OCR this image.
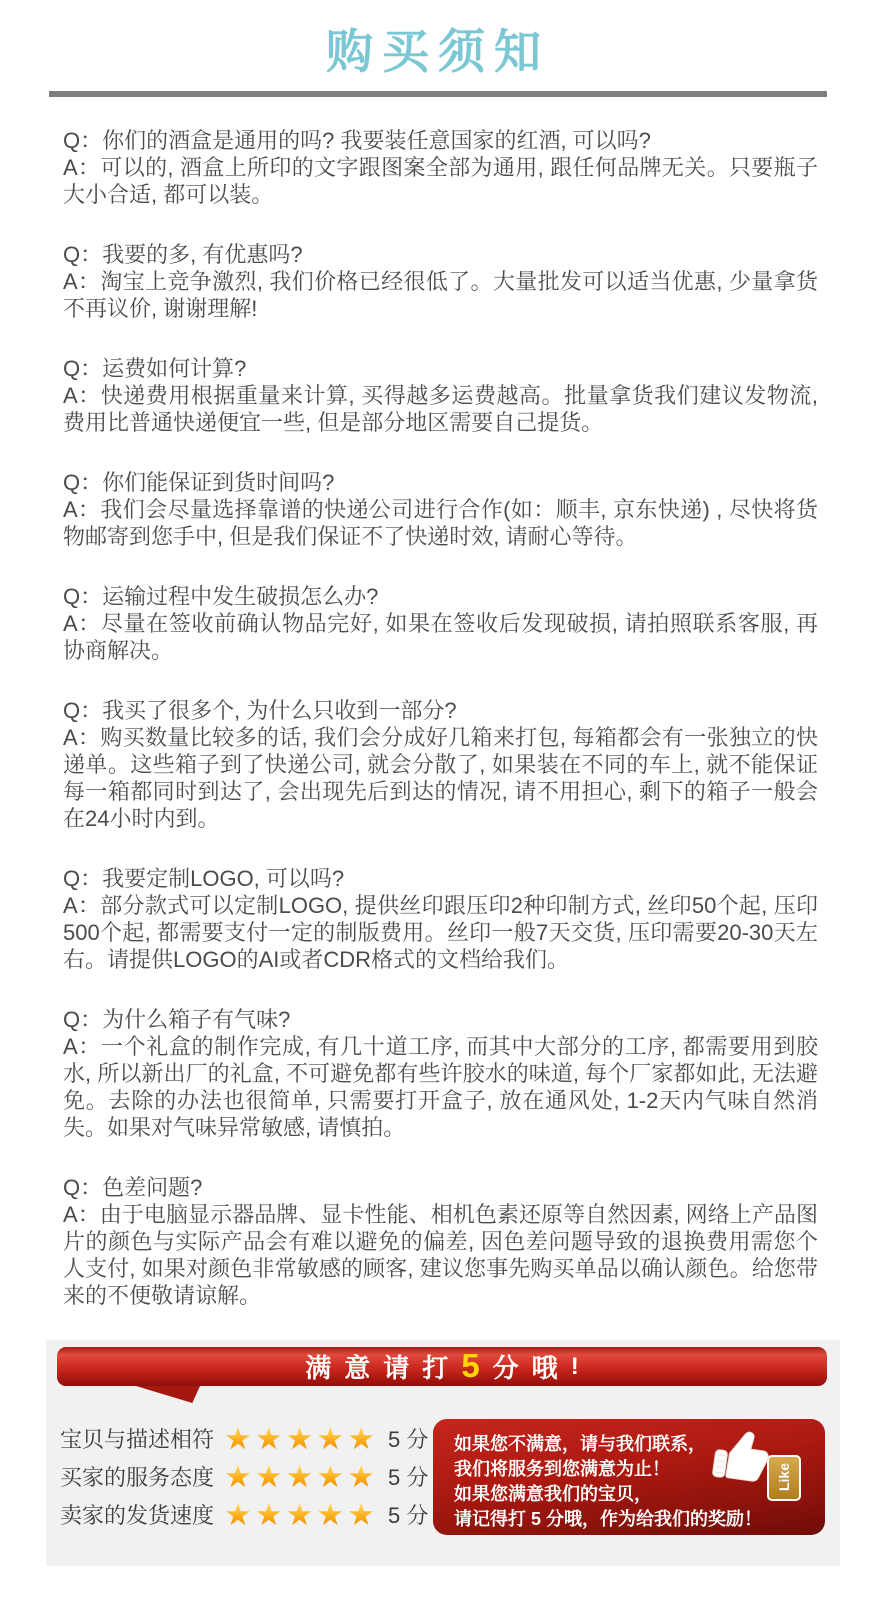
购买须知

Q：你们的酒盒是通用的吗? 我要装任意国家的红酒, 可以吗?

A：可以的, 酒盒上所印的文字跟图案全部为通用, 跟任何品牌无关。只要瓶子大小合适, 都可以装。

Q：我要的多, 有优惠吗?

A：淘宝上竞争激烈, 我们价格已经很低了。大量批发可以适当优惠, 少量拿货不再议价, 谢谢理解!

Q：运费如何计算?

A：快递费用根据重量来计算, 买得越多运费越高。批量拿货我们建议发物流, 费用比普通快递便宜一些, 但是部分地区需要自己提货。

Q：你们能保证到货时间吗?

A：我们会尽量选择靠谱的快递公司进行合作(如：顺丰, 京东快递) , 尽快将货物邮寄到您手中, 但是我们保证不了快递时效, 请耐心等待。

Q：运输过程中发生破损怎么办?

A：尽量在签收前确认物品完好, 如果在签收后发现破损, 请拍照联系客服, 再协商解决。

Q：我买了很多个, 为什么只收到一部分?

A：购买数量比较多的话, 我们会分成好几箱来打包, 每箱都会有一张独立的快递单。这些箱子到了快递公司, 就会分散了, 如果装在不同的车上, 就不能保证每一箱都同时到达了, 会出现先后到达的情况, 请不用担心, 剩下的箱子一般会在24小时内到。

Q：我要定制LOGO, 可以吗?

A：部分款式可以定制LOGO, 提供丝印跟压印2种印制方式, 丝印50个起, 压印500个起, 都需要支付一定的制版费用。丝印一般7天交货, 压印需要20-30天左右。请提供LOGO的AI或者CDR格式的文档给我们。

Q：为什么箱子有气味?

A：一个礼盒的制作完成, 有几十道工序, 而其中大部分的工序, 都需要用到胶水, 所以新出厂的礼盒, 不可避免都有些许胶水的味道, 每个厂家都如此, 无法避免。去除的办法也很简单, 只需要打开盒子, 放在通风处, 1-2天内气味自然消失。如果对气味异常敏感, 请慎拍。

Q：色差问题?

A：由于电脑显示器品牌、显卡性能、相机色素还原等自然因素, 网络上产品图片的颜色与实际产品会有难以避免的偏差, 因色差问题导致的退换费用需您个人支付, 如果对颜色非常敏感的顾客, 建议您事先购买单品以确认颜色。给您带来的不便敬请谅解。

满意请打 5 分哦 !
宝贝与描述相符 ★ ★ ★ ★ ★ 5 分
买家的服务态度 ★ ★ ★ ★ ★ 5 分
卖家的发货速度 ★ ★ ★ ★ ★ 5 分
如果您不满意，请与我们联系，
我们将服务到您满意为止！
如果您满意我们的宝贝，
请记得打 5 分哦，作为给我们的奖励！
Like
